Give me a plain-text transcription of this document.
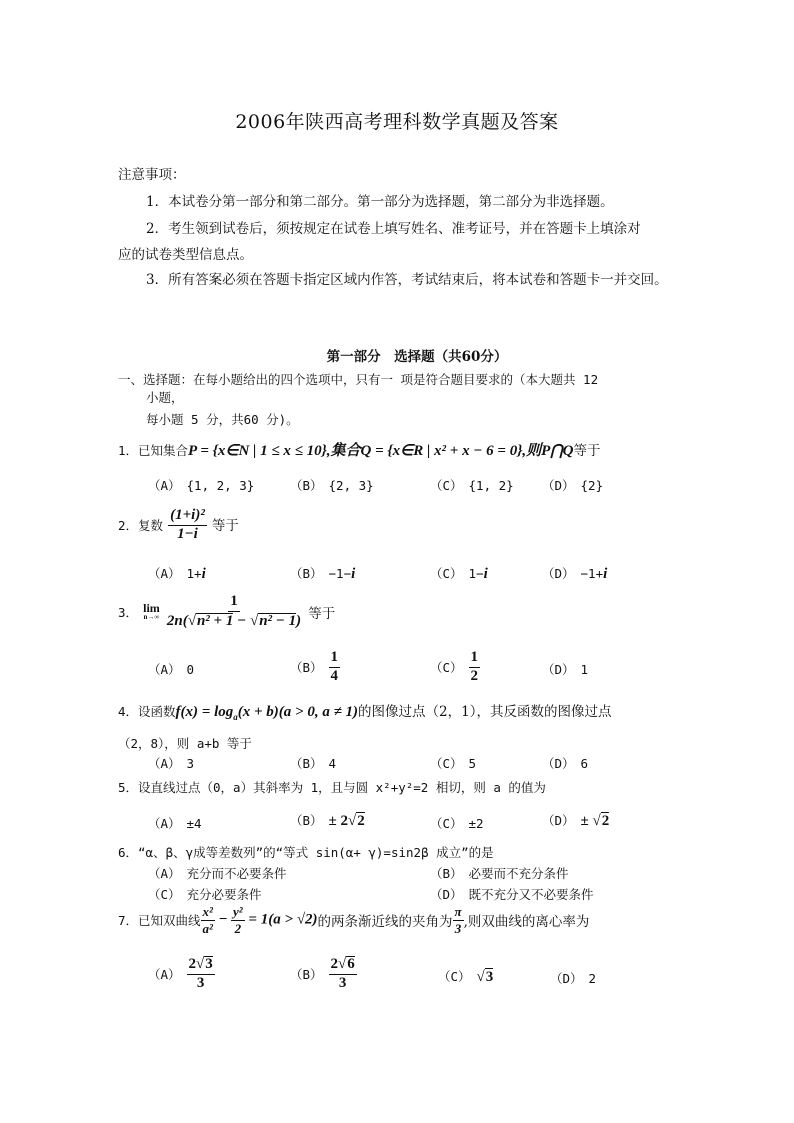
2006年陕西高考理科数学真题及答案
注意事项：
1．本试卷分第一部分和第二部分。第一部分为选择题，第二部分为非选择题。
2．考生领到试卷后，须按规定在试卷上填写姓名、准考证号，并在答题卡上填涂对
应的试卷类型信息点。
3．所有答案必须在答题卡指定区域内作答，考试结束后，将本试卷和答题卡一并交回。
第一部分　选择题（共60分）
一、选择题：在每小题给出的四个选项中，只有一 项是符合题目要求的（本大题共 12
小题，
每小题 5 分，共60 分)。
1．已知集合P = {x∈N | 1 ≤ x ≤ 10},集合Q = {x∈R | x² + x − 6 = 0},则P⋂Q等于
（A） {1, 2, 3}	（B） {2, 3}	（C） {1, 2} （D） {2}
2．复数 $\frac{\text{(1+i)²}}{1-i}$ 等于
（A） 1+i	（B） −1−i	（C） 1−i	（D） −1+i
3． lim
n→∞
$\frac{1}{\text{2n(√n² + 1 − √n² − 1)}}$ 等于
（A） 0	$(B) \frac{1}{4}$	$(C) \frac{1}{2}$	（D） 1
4．设函数$f(x) = \log_a(x + b)(a > 0$, a ≠ 1)的图像过点（2，1），其反函数的图像过点
（2，8），则 a+b 等于
（A） 3	（B） 4	（C） 5	（D） 6
5．设直线过点（0，a）其斜率为 1，且与圆 x²+y²=2 相切，则 a 的值为
（A） ±4	（B） ± 2√2	（C） ±2	（D） ± √2
6．“α、β、γ成等差数列”的“等式 sin(α+ γ)=sin2β 成立”的是
（A） 充分而不必要条件	（B） 必要而不充分条件
（C） 充分必要条件	（D） 既不充分又不必要条件
7．已知双曲线 $\frac{\text{x²}}{\text{a²}} - \frac{\text{y²}}{2} = 1(a > √2)$的两条渐近线的夹角为 $\frac{\pi}{3}$ ,则双曲线的离心率为
$(A) \frac{2√3}{3}$	$(B) \frac{2√6}{3}$	（C） √3	（D） 2
